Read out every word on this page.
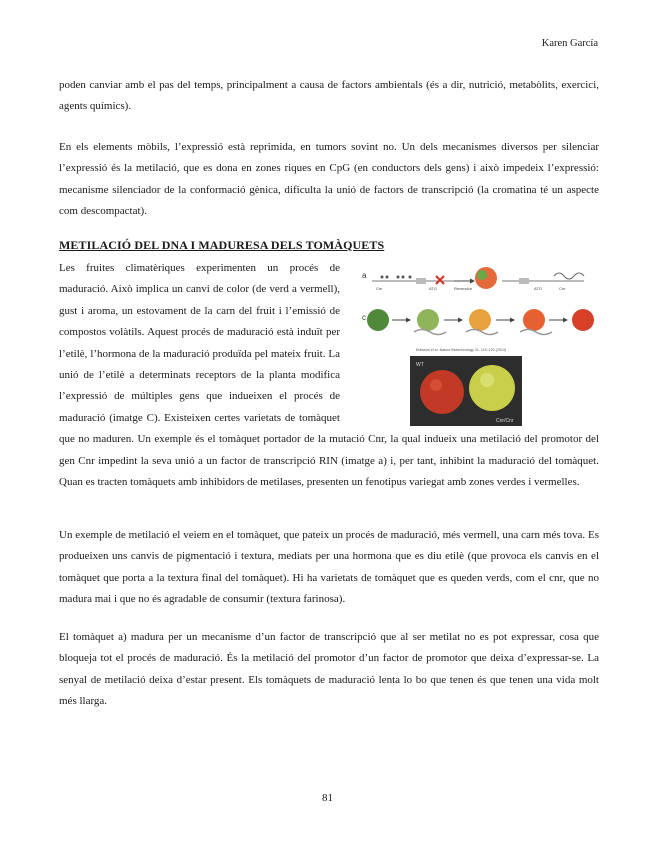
Karen García

poden canviar amb el pas del temps, principalment a causa de factors ambientals (és a dir, nutrició, metabòlits, exercici, agents químics).

En els elements mòbils, l’expressió està reprimida, en tumors sovint no. Un dels mecanismes diversos per silenciar l’expressió és la metilació, que es dona en zones riques en CpG (en conductors dels gens) i això impedeix l’expressió: mecanisme silenciador de la conformació gènica, dificulta la unió de factors de transcripció (la cromatina té un aspecte com descompactat).

METILACIÓ DEL DNA I MADURESA DELS TOMÀQUETS
a
ATG
Cnr	Reversion	ATG	Cnr
c
Eriksson et al. Nature Biotechnology 31, 119–120 (2013)
WT
Cnr/Cnr
Les fruites climatèriques experimenten un procés de maduració. Això implica un canvi de color (de verd a vermell), gust i aroma, un estovament de la carn del fruit i l’emissió de compostos volàtils. Aquest procés de maduració està induït per l’etilè, l’hormona de la maduració produïda pel mateix fruit. La unió de l’etilè a determinats receptors de la planta modifica l’expressió de múltiples gens que indueixen el procés de maduració (imatge C). Existeixen certes varietats de tomàquet que no maduren. Un exemple és el tomàquet portador de la mutació Cnr, la qual indueix una metilació del promotor del gen Cnr impedint la seva unió a un factor de transcripció RIN (imatge a) i, per tant, inhibint la maduració del tomàquet. Quan es tracten tomàquets amb inhibidors de metilases, presenten un fenotipus variegat amb zones verdes i vermelles.

Un exemple de metilació el veiem en el tomàquet, que pateix un procés de maduració, més vermell, una carn més tova. Es produeixen uns canvis de pigmentació i textura, mediats per una hormona que es diu etilè (que provoca els canvis en el tomàquet que porta a la textura final del tomàquet). Hi ha varietats de tomàquet que es queden verds, com el cnr, que no madura mai i que no és agradable de consumir (textura farinosa).

El tomàquet a) madura per un mecanisme d’un factor de transcripció que al ser metilat no es pot expressar, cosa que bloqueja tot el procés de maduració. És la metilació del promotor d’un factor de promotor que deixa d’expressar-se. La senyal de metilació deixa d’estar present. Els tomàquets de maduració lenta lo bo que tenen és que tenen una vida molt més llarga.

81
